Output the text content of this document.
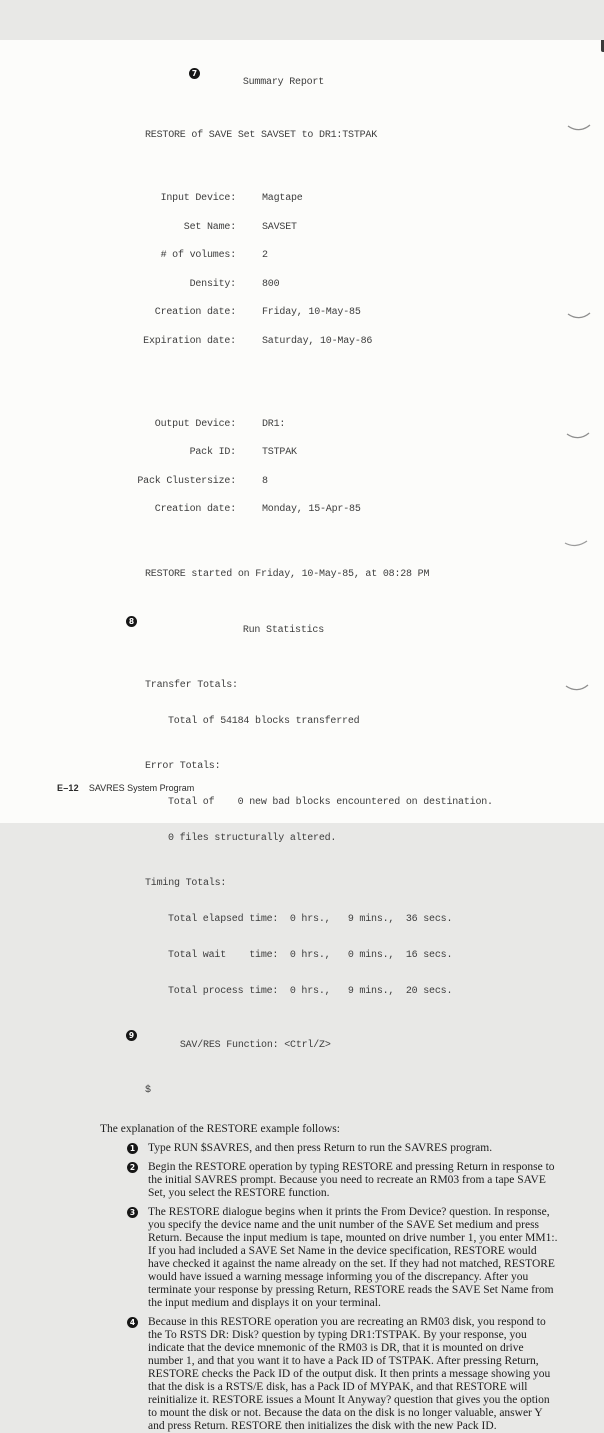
7
Summary Report

RESTORE of SAVE Set SAVSET to DR1:TSTPAK

Input Device:	Magtape

Set Name:	SAVSET

# of volumes:	2

Density:	800

Creation date:	Friday, 10-May-85

Expiration date:	Saturday, 10-May-86

Output Device:	DR1:

Pack ID:	TSTPAK

Pack Clustersize:	8

Creation date:	Monday, 15-Apr-85

RESTORE started on Friday, 10-May-85, at 08:28 PM

8
Run Statistics

Transfer Totals:

Total of 54184 blocks transferred

Error Totals:

Total of    0 new bad blocks encountered on destination.

0 files structurally altered.

Timing Totals:

Total elapsed time:  0 hrs.,   9 mins.,  36 secs.

Total wait    time:  0 hrs.,   0 mins.,  16 secs.

Total process time:  0 hrs.,   9 mins.,  20 secs.

9
SAV/RES Function: <Ctrl/Z>

$

The explanation of the RESTORE example follows:
1 Type RUN $SAVRES, and then press Return to run the SAVRES program.
2 Begin the RESTORE operation by typing RESTORE and pressing Return in response to the initial SAVRES prompt. Because you need to recreate an RM03 from a tape SAVE Set, you select the RESTORE function.
3 The RESTORE dialogue begins when it prints the From Device? question. In response, you specify the device name and the unit number of the SAVE Set medium and press Return. Because the input medium is tape, mounted on drive number 1, you enter MM1:. If you had included a SAVE Set Name in the device specification, RESTORE would have checked it against the name already on the set. If they had not matched, RESTORE would have issued a warning message informing you of the discrepancy. After you terminate your response by pressing Return, RESTORE reads the SAVE Set Name from the input medium and displays it on your terminal.
4 Because in this RESTORE operation you are recreating an RM03 disk, you respond to the To RSTS DR: Disk? question by typing DR1:TSTPAK. By your response, you indicate that the device mnemonic of the RM03 is DR, that it is mounted on drive number 1, and that you want it to have a Pack ID of TSTPAK. After pressing Return, RESTORE checks the Pack ID of the output disk. It then prints a message showing you that the disk is a RSTS/E disk, has a Pack ID of MYPAK, and that RESTORE will reinitialize it. RESTORE issues a Mount It Anyway? question that gives you the option to mount the disk or not. Because the data on the disk is no longer valuable, answer Y and press Return. RESTORE then initializes the disk with the new Pack ID.
E–12 SAVRES System Program
